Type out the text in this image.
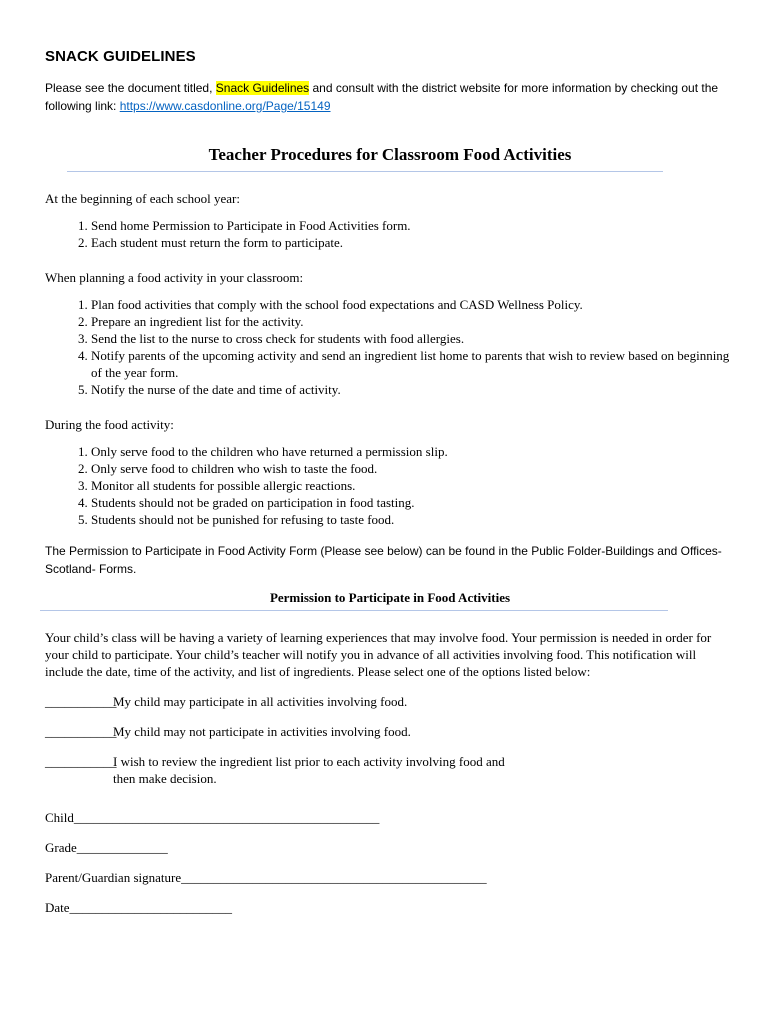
SNACK GUIDELINES

Please see the document titled, Snack Guidelines and consult with the district website for more information by checking out the following link: https://www.casdonline.org/Page/15149

Teacher Procedures for Classroom Food Activities

At the beginning of each school year:

1. Send home Permission to Participate in Food Activities form.
2. Each student must return the form to participate.

When planning a food activity in your classroom:

1. Plan food activities that comply with the school food expectations and CASD Wellness Policy.
2. Prepare an ingredient list for the activity.
3. Send the list to the nurse to cross check for students with food allergies.
4. Notify parents of the upcoming activity and send an ingredient list home to parents that wish to review based on beginning of the year form.
5. Notify the nurse of the date and time of activity.

During the food activity:

1. Only serve food to the children who have returned a permission slip.
2. Only serve food to children who wish to taste the food.
3. Monitor all students for possible allergic reactions.
4. Students should not be graded on participation in food tasting.
5. Students should not be punished for refusing to taste food.

The Permission to Participate in Food Activity Form (Please see below) can be found in the Public Folder-Buildings and Offices- Scotland- Forms.

Permission to Participate in Food Activities

Your child’s class will be having a variety of learning experiences that may involve food. Your permission is needed in order for your child to participate. Your child’s teacher will notify you in advance of all activities involving food. This notification will include the date, time of the activity, and list of ingredients. Please select one of the options listed below:

___________
My child may participate in all activities involving food.
___________
My child may not participate in activities involving food.
___________
I wish to review the ingredient list prior to each activity involving food and then make decision.
Child_______________________________________________
Grade______________
Parent/Guardian signature_______________________________________________
Date_________________________
